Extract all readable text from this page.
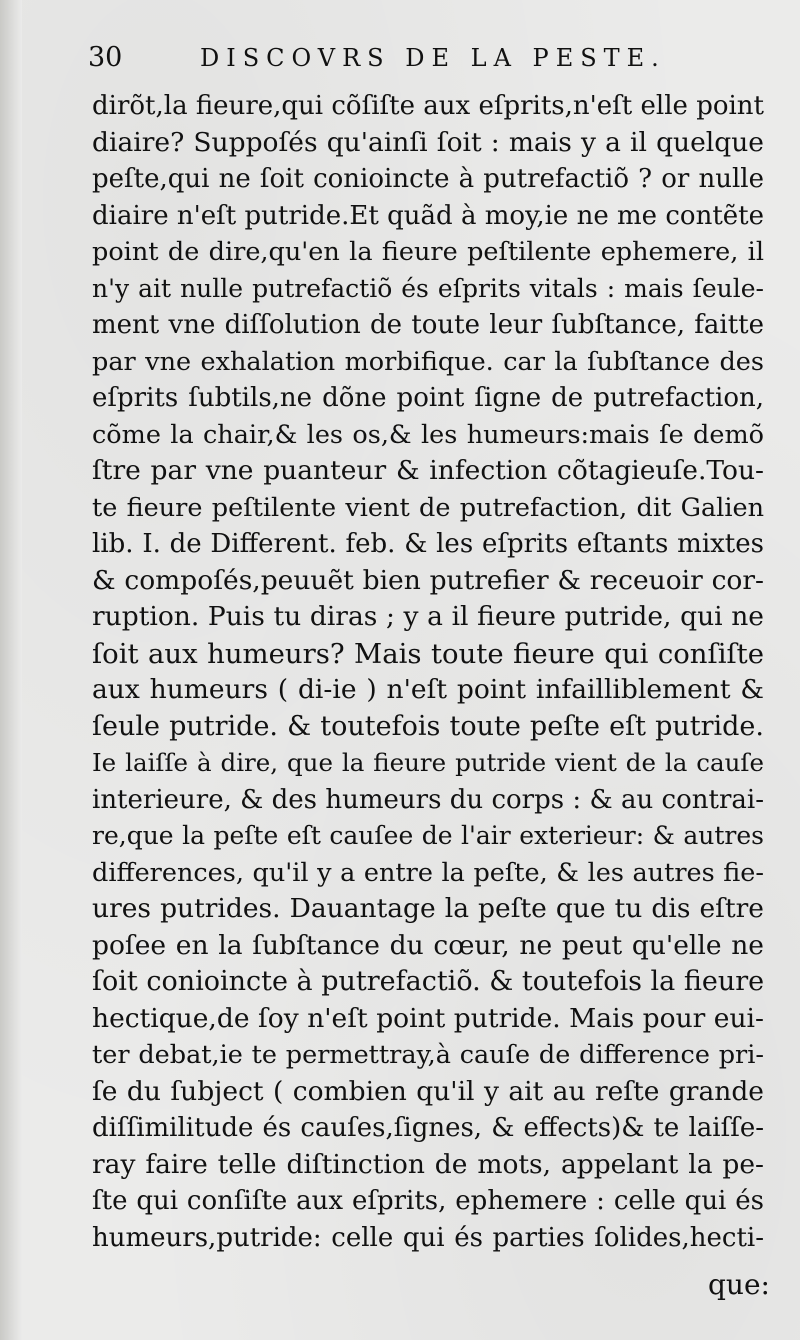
30	DISCOVRS DE LA PESTE.
dirõt,la fieure,qui cõſiſte aux eſprits,n'eſt elle point
diaire? Suppoſés qu'ainſi ſoit : mais y a il quelque
peſte,qui ne ſoit conioincte à putrefactiõ ? or nulle
diaire n'eſt putride.Et quãd à moy,ie ne me contẽte
point de dire,qu'en la fieure peſtilente ephemere, il
n'y ait nulle putrefactiõ és eſprits vitals : mais ſeule-
ment vne diſſolution de toute leur ſubſtance, faitte
par vne exhalation morbifique. car la ſubſtance des
eſprits ſubtils,ne dõne point ſigne de putrefaction,
cõme la chair,& les os,& les humeurs:mais ſe demõ
ſtre par vne puanteur & infection cõtagieuſe.Tou-
te fieure peſtilente vient de putrefaction, dit Galien
lib. I. de Different. feb. & les eſprits eſtants mixtes
& compoſés,peuuẽt bien putrefier & receuoir cor-
ruption. Puis tu diras ; y a il fieure putride, qui ne
ſoit aux humeurs? Mais toute fieure qui conſiſte
aux humeurs ( di-ie ) n'eſt point infailliblement &
ſeule putride. & toutefois toute peſte eſt putride.
Ie laiſſe à dire, que la fieure putride vient de la cauſe
interieure, & des humeurs du corps : & au contrai-
re,que la peſte eſt cauſee de l'air exterieur: & autres
differences, qu'il y a entre la peſte, & les autres fie-
ures putrides. Dauantage la peſte que tu dis eſtre
poſee en la ſubſtance du cœur, ne peut qu'elle ne
ſoit conioincte à putrefactiõ. & toutefois la fieure
hectique,de ſoy n'eſt point putride. Mais pour eui-
ter debat,ie te permettray,à cauſe de difference pri-
ſe du ſubject ( combien qu'il y ait au reſte grande
diſſimilitude és cauſes,ſignes, & effects)& te laiſſe-
ray faire telle diſtinction de mots, appelant la pe-
ſte qui conſiſte aux eſprits, ephemere : celle qui és
humeurs,putride: celle qui és parties ſolides,hecti-
que:
